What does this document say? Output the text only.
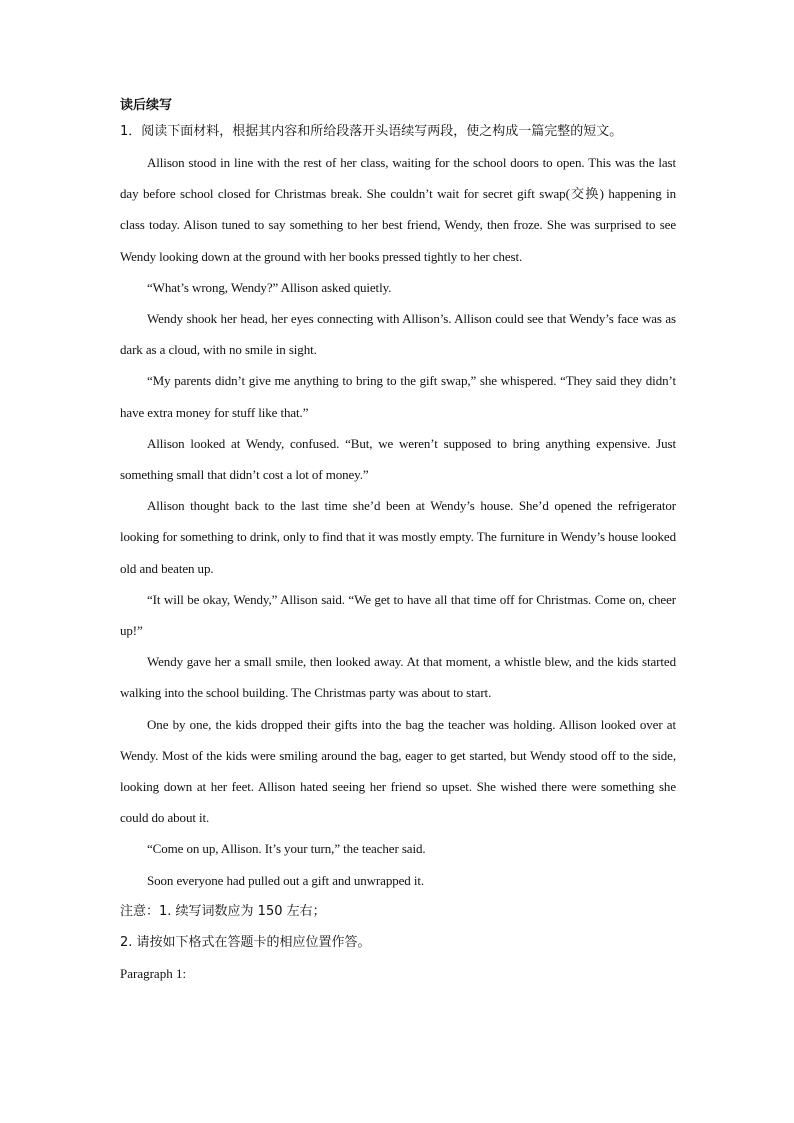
读后续写

1．阅读下面材料，根据其内容和所给段落开头语续写两段，使之构成一篇完整的短文。

Allison stood in line with the rest of her class, waiting for the school doors to open. This was the last day before school closed for Christmas break. She couldn’t wait for secret gift swap(交换) happening in class today. Alison tuned to say something to her best friend, Wendy, then froze. She was surprised to see Wendy looking down at the ground with her books pressed tightly to her chest.

“What’s wrong, Wendy?” Allison asked quietly.

Wendy shook her head, her eyes connecting with Allison’s. Allison could see that Wendy’s face was as dark as a cloud, with no smile in sight.

“My parents didn’t give me anything to bring to the gift swap,” she whispered. “They said they didn’t have extra money for stuff like that.”

Allison looked at Wendy, confused. “But, we weren’t supposed to bring anything expensive. Just something small that didn’t cost a lot of money.”

Allison thought back to the last time she’d been at Wendy’s house. She’d opened the refrigerator looking for something to drink, only to find that it was mostly empty. The furniture in Wendy’s house looked old and beaten up.

“It will be okay, Wendy,” Allison said. “We get to have all that time off for Christmas. Come on, cheer up!”

Wendy gave her a small smile, then looked away. At that moment, a whistle blew, and the kids started walking into the school building. The Christmas party was about to start.

One by one, the kids dropped their gifts into the bag the teacher was holding. Allison looked over at Wendy. Most of the kids were smiling around the bag, eager to get started, but Wendy stood off to the side, looking down at her feet. Allison hated seeing her friend so upset. She wished there were something she could do about it.

“Come on up, Allison. It’s your turn,” the teacher said.

Soon everyone had pulled out a gift and unwrapped it.

注意：1. 续写词数应为 150 左右；

2. 请按如下格式在答题卡的相应位置作答。

Paragraph 1:
